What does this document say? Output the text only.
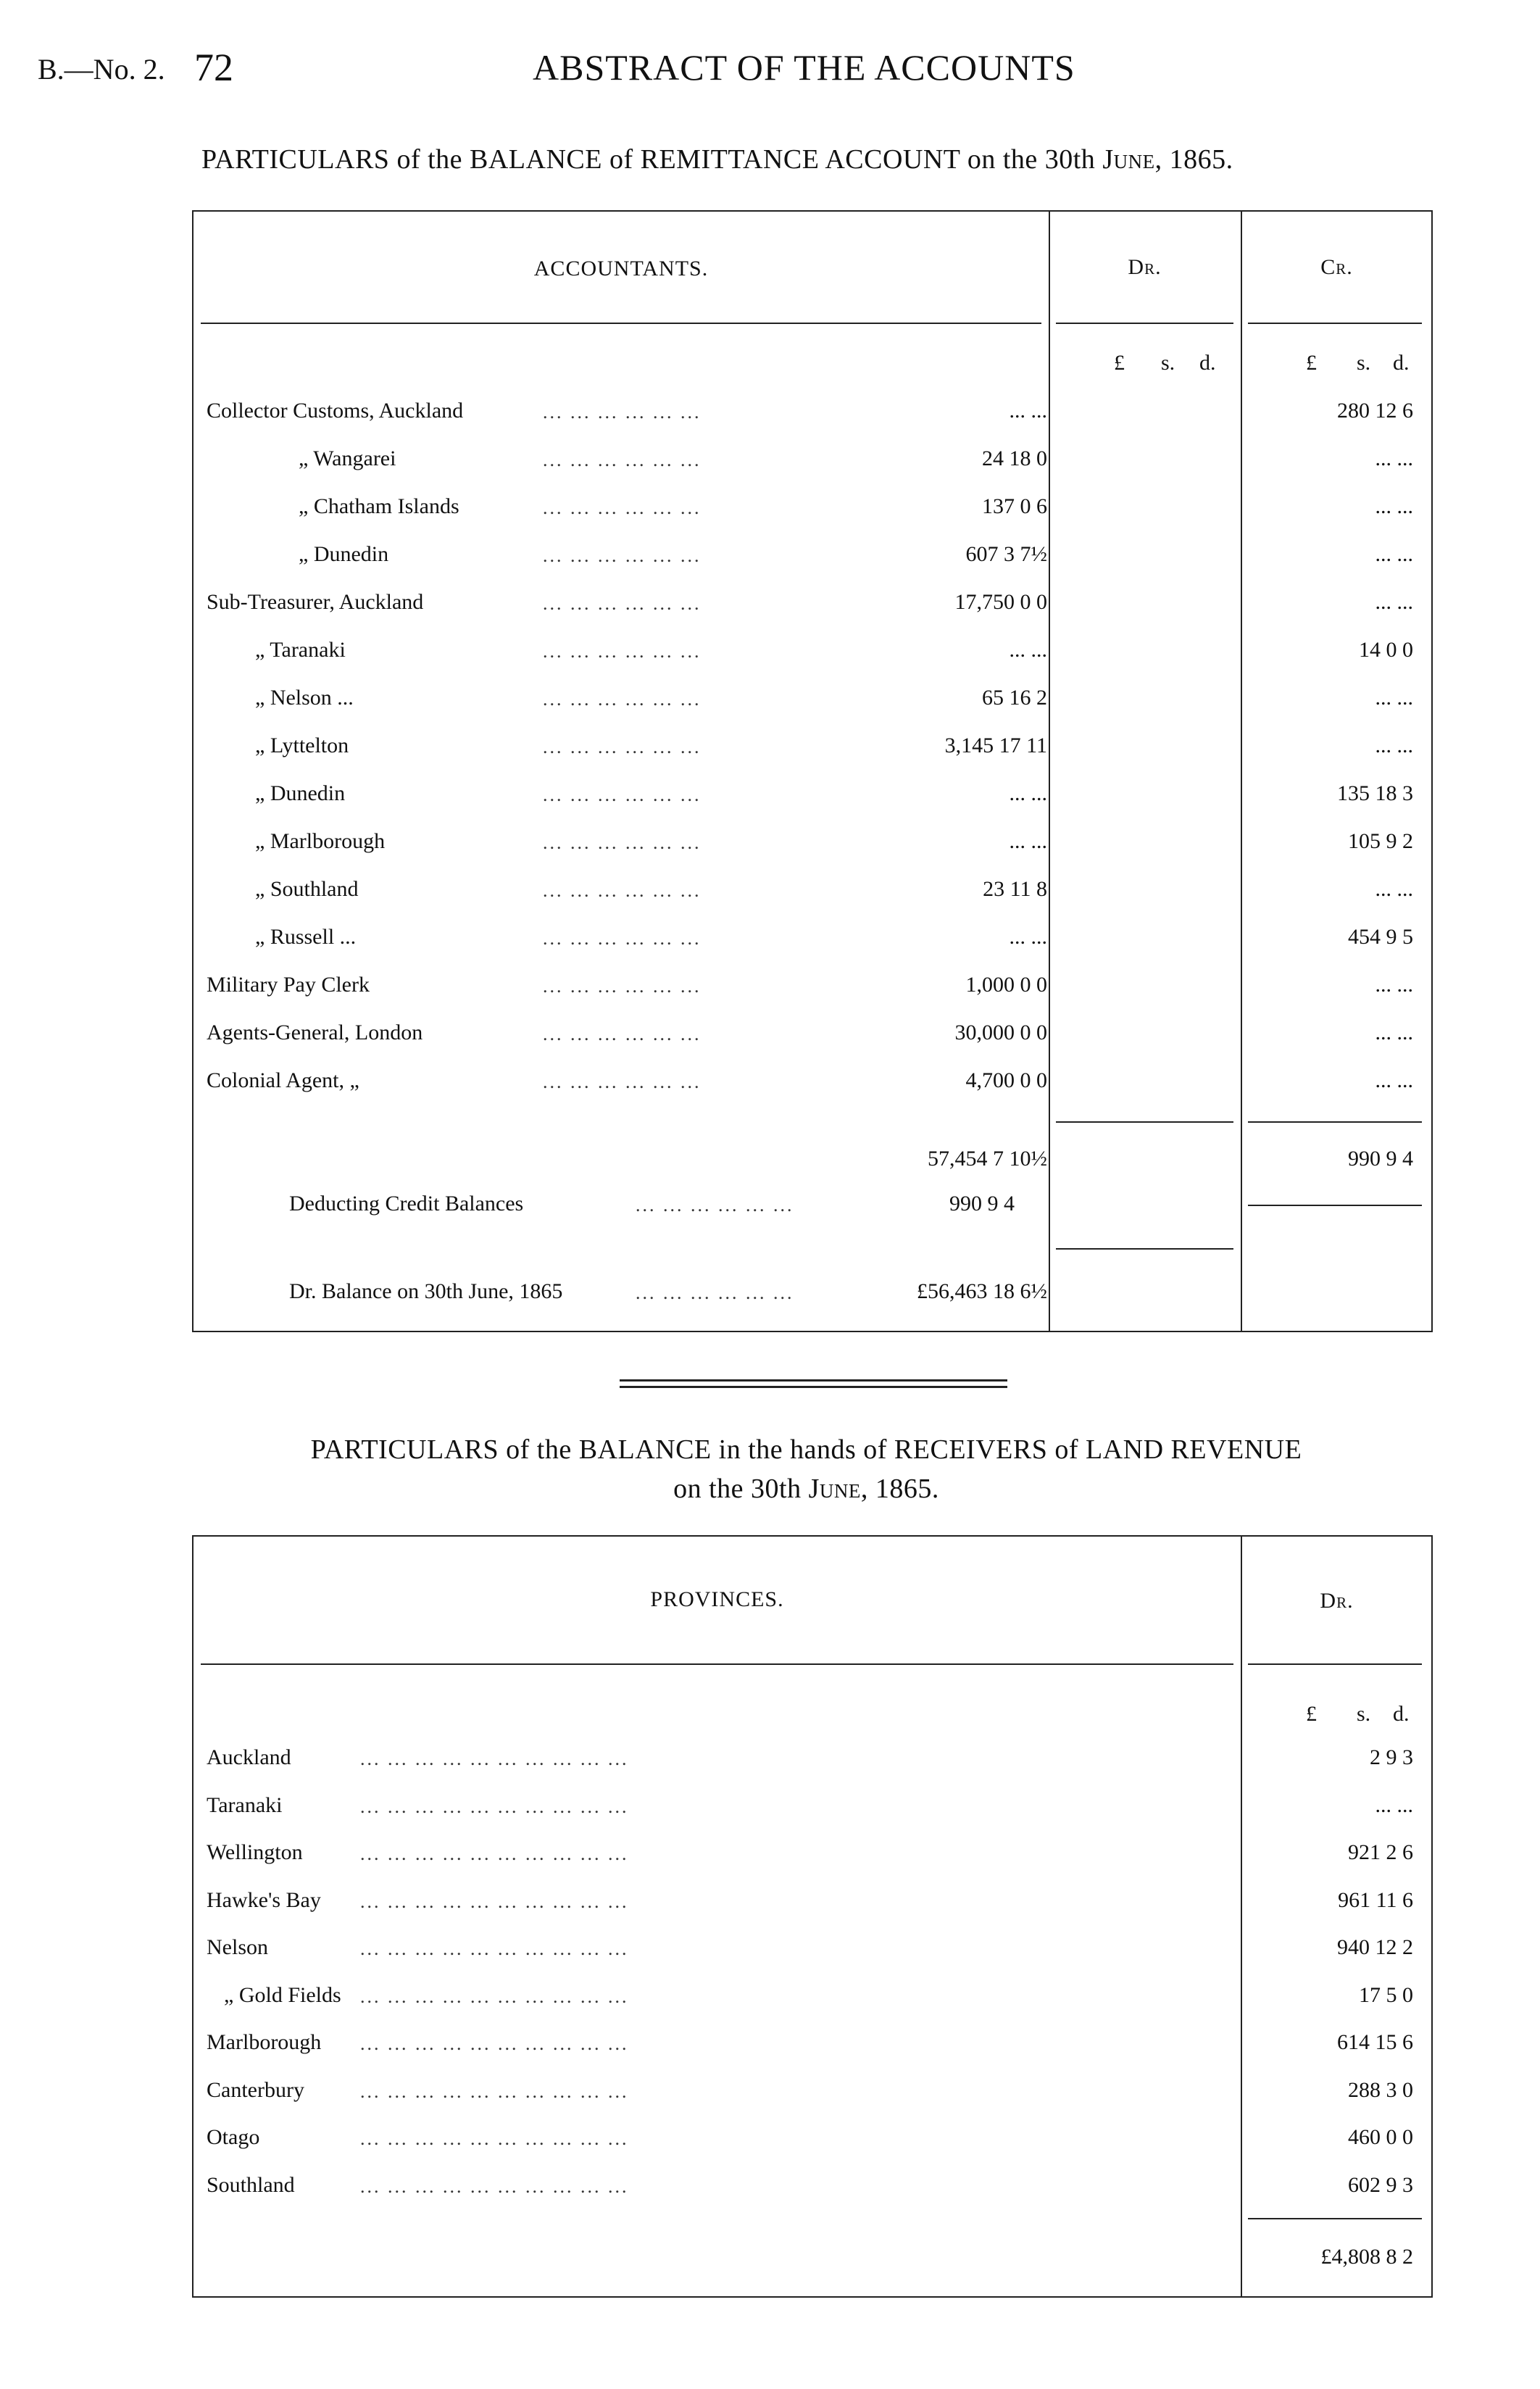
B.—No. 2. 72	ABSTRACT OF THE ACCOUNTS
PARTICULARS of the BALANCE of REMITTANCE ACCOUNT on the 30th June, 1865.
ACCOUNTANTS.	Dr.	Cr.
£ s. d.	£ s. d.
Collector Customs, Auckland	... ... ... ... ... ...	... ...	280 12 6
„ Wangarei	... ... ... ... ... ...	24 18 0	... ...
„ Chatham Islands	... ... ... ... ... ...	137 0 6	... ...
„ Dunedin	... ... ... ... ... ...	607 3 7½	... ...
Sub-Treasurer, Auckland	... ... ... ... ... ...	17,750 0 0	... ...
„ Taranaki	... ... ... ... ... ...	... ...	14 0 0
„ Nelson ...	... ... ... ... ... ...	65 16 2	... ...
„ Lyttelton	... ... ... ... ... ...	3,145 17 11	... ...
„ Dunedin	... ... ... ... ... ...	... ...	135 18 3
„ Marlborough	... ... ... ... ... ...	... ...	105 9 2
„ Southland	... ... ... ... ... ...	23 11 8	... ...
„ Russell ...	... ... ... ... ... ...	... ...	454 9 5
Military Pay Clerk	... ... ... ... ... ...	1,000 0 0	... ...
Agents-General, London	... ... ... ... ... ...	30,000 0 0	... ...
Colonial Agent, „	... ... ... ... ... ...	4,700 0 0	... ...
57,454 7 10½	990 9 4
Deducting Credit Balances	... ... ... ... ... ...	990 9 4
Dr. Balance on 30th June, 1865	... ... ... ... ... ...	£56,463 18 6½
PARTICULARS of the BALANCE in the hands of RECEIVERS of LAND REVENUE
on the 30th June, 1865.
PROVINCES.	Dr.
£ s. d.
Auckland	... ... ... ... ... ... ... ... ... ...	2 9 3
Taranaki	... ... ... ... ... ... ... ... ... ...	... ...
Wellington	... ... ... ... ... ... ... ... ... ...	921 2 6
Hawke's Bay ... ... ... ... ... ... ... ... ... ...	961 11 6
Nelson	... ... ... ... ... ... ... ... ... ...	940 12 2
„ Gold Fields ... ... ... ... ... ... ... ... ... ...	17 5 0
Marlborough ... ... ... ... ... ... ... ... ... ...	614 15 6
Canterbury	... ... ... ... ... ... ... ... ... ...	288 3 0
Otago	... ... ... ... ... ... ... ... ... ...	460 0 0
Southland	... ... ... ... ... ... ... ... ... ...	602 9 3
£4,808 8 2
